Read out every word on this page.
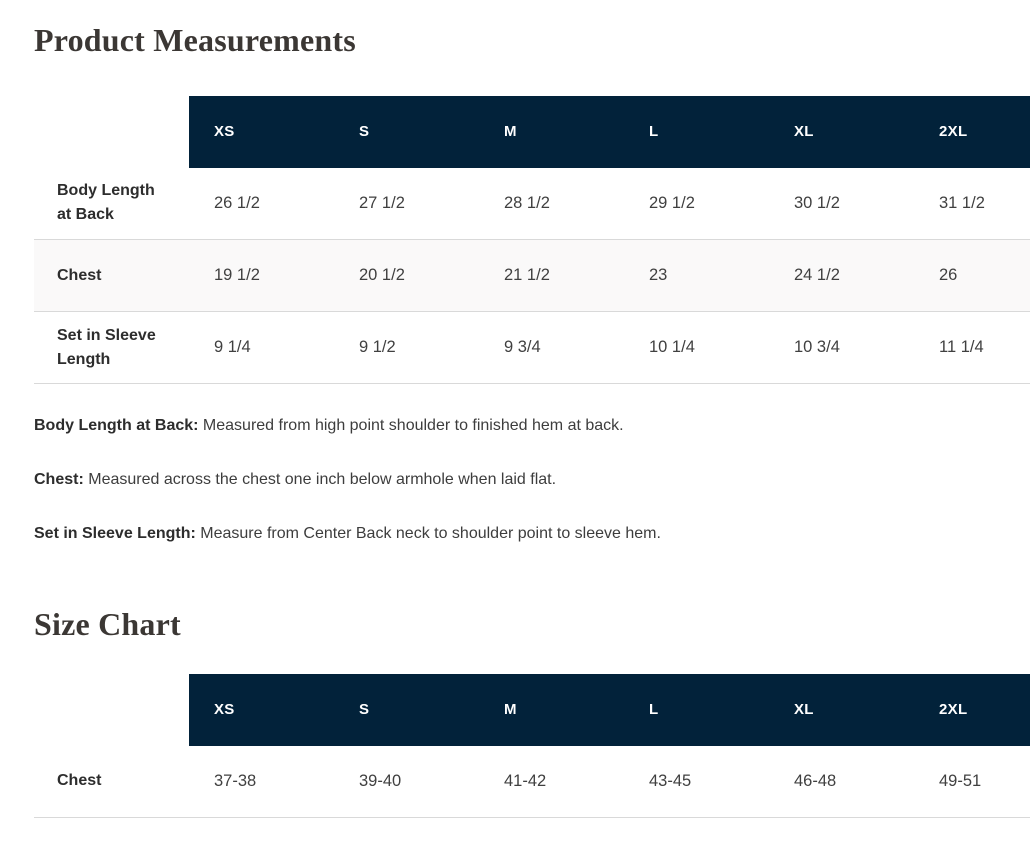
Product Measurements
	XS	S	M	L	XL	2XL
Body Length at Back	26 1/2	27 1/2	28 1/2	29 1/2	30 1/2	31 1/2
Chest	19 1/2	20 1/2	21 1/2	23	24 1/2	26
Set in Sleeve Length	9 1/4	9 1/2	9 3/4	10 1/4	10 3/4	11 1/4

Body Length at Back: Measured from high point shoulder to finished hem at back.

Chest: Measured across the chest one inch below armhole when laid flat.

Set in Sleeve Length: Measure from Center Back neck to shoulder point to sleeve hem.

Size Chart
	XS	S	M	L	XL	2XL
Chest	37-38	39-40	41-42	43-45	46-48	49-51
